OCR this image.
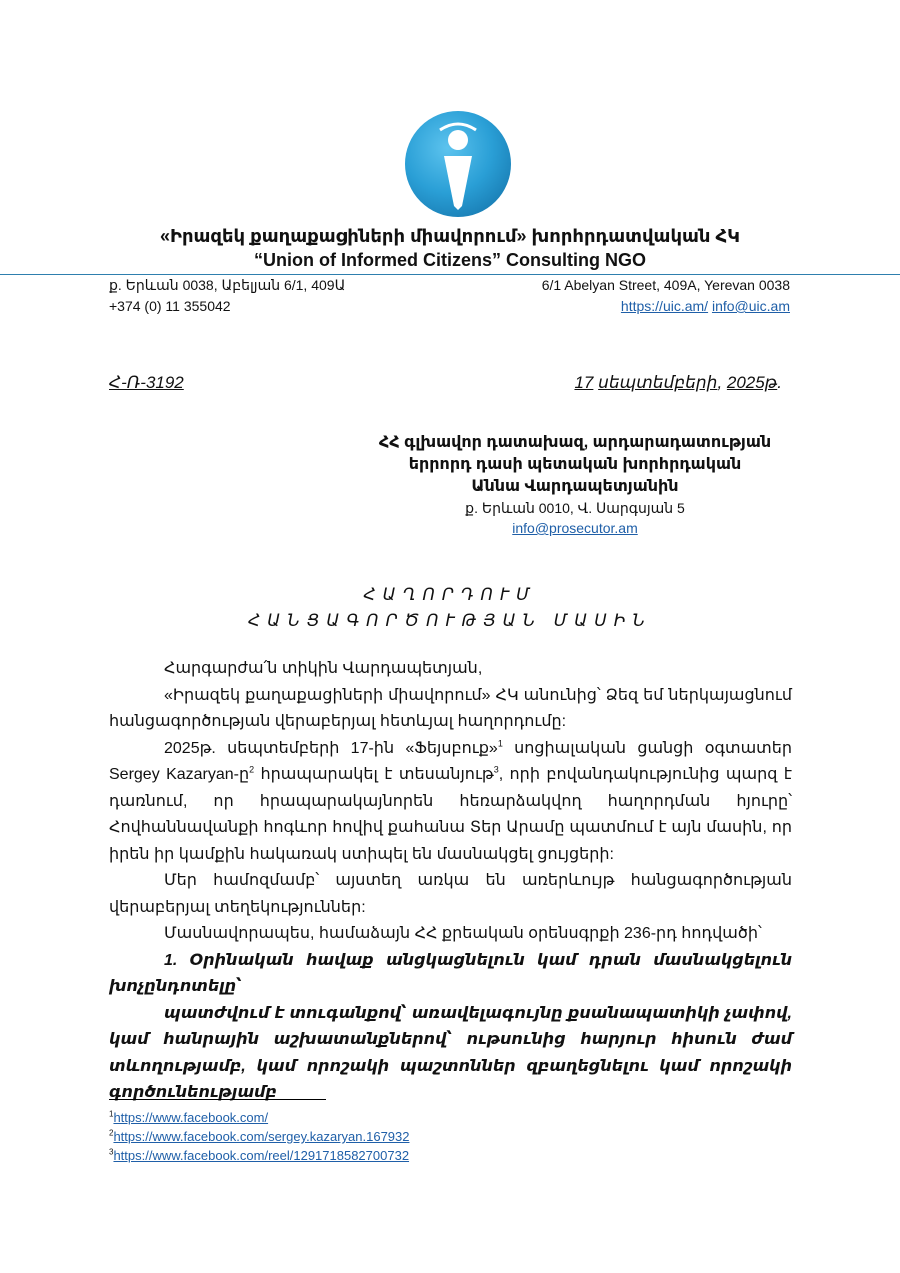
«Իրազեկ քաղաքացիների միավորում» խորհրդատվական ՀԿ
“Union of Informed Citizens” Consulting NGO
ք. Երևան 0038, Աբելյան 6/1, 409Ա	6/1 Abelyan Street, 409A, Yerevan 0038
+374 (0) 11 355042	https://uic.am/ info@uic.am
Հ-Ռ-3192	17 սեպտեմբերի, 2025թ.
ՀՀ գլխավոր դատախազ, արդարադատության
երրորդ դասի պետական խորհրդական
Աննա Վարդապետյանին
ք. Երևան 0010, Վ. Սարգսյան 5
info@prosecutor.am
ՀԱՂՈՐԴՈՒՄ
ՀԱՆՑԱԳՈՐԾՈՒԹՅԱՆ ՄԱՍԻՆ

Հարգարժա՛ն տիկին Վարդապետյան,

«Իրազեկ քաղաքացիների միավորում» ՀԿ անունից՝ Ձեզ եմ ներկայացնում հանցագործության վերաբերյալ հետևյալ հաղորդումը:

2025թ. սեպտեմբերի 17-ին «Ֆեյսբուք»$^1$ սոցիալական ցանցի օգտատեր Sergey Kazaryan-ը$^2$ հրապարակել է տեսանյութ$^3$, որի բովանդակությունից պարզ է դառնում, որ հրապարակայնորեն հեռարձակվող հաղորդման հյուրը՝ Հովհաննավանքի հոգևոր հովիվ քահանա Տեր Արամը պատմում է այն մասին, որ իրեն իր կամքին հակառակ ստիպել են մասնակցել ցույցերի:

Մեր համոզմամբ՝ այստեղ առկա են առերևույթ հանցագործության վերաբերյալ տեղեկություններ:

Մասնավորապես, համաձայն ՀՀ քրեական օրենսգրքի 236-րդ հոդվածի՝

1. Օրինական հավաք անցկացնելուն կամ դրան մասնակցելուն խոչընդոտելը՝

պատժվում է տուգանքով՝ առավելագույնը քսանապատիկի չափով, կամ հանրային աշխատանքներով՝ ութսունից հարյուր հիսուն ժամ տևողությամբ, կամ որոշակի պաշտոններ զբաղեցնելու կամ որոշակի գործունեությամբ

$^1$https://www.facebook.com/
$^2$https://www.facebook.com/sergey.kazaryan.167932
$^3$https://www.facebook.com/reel/1291718582700732
